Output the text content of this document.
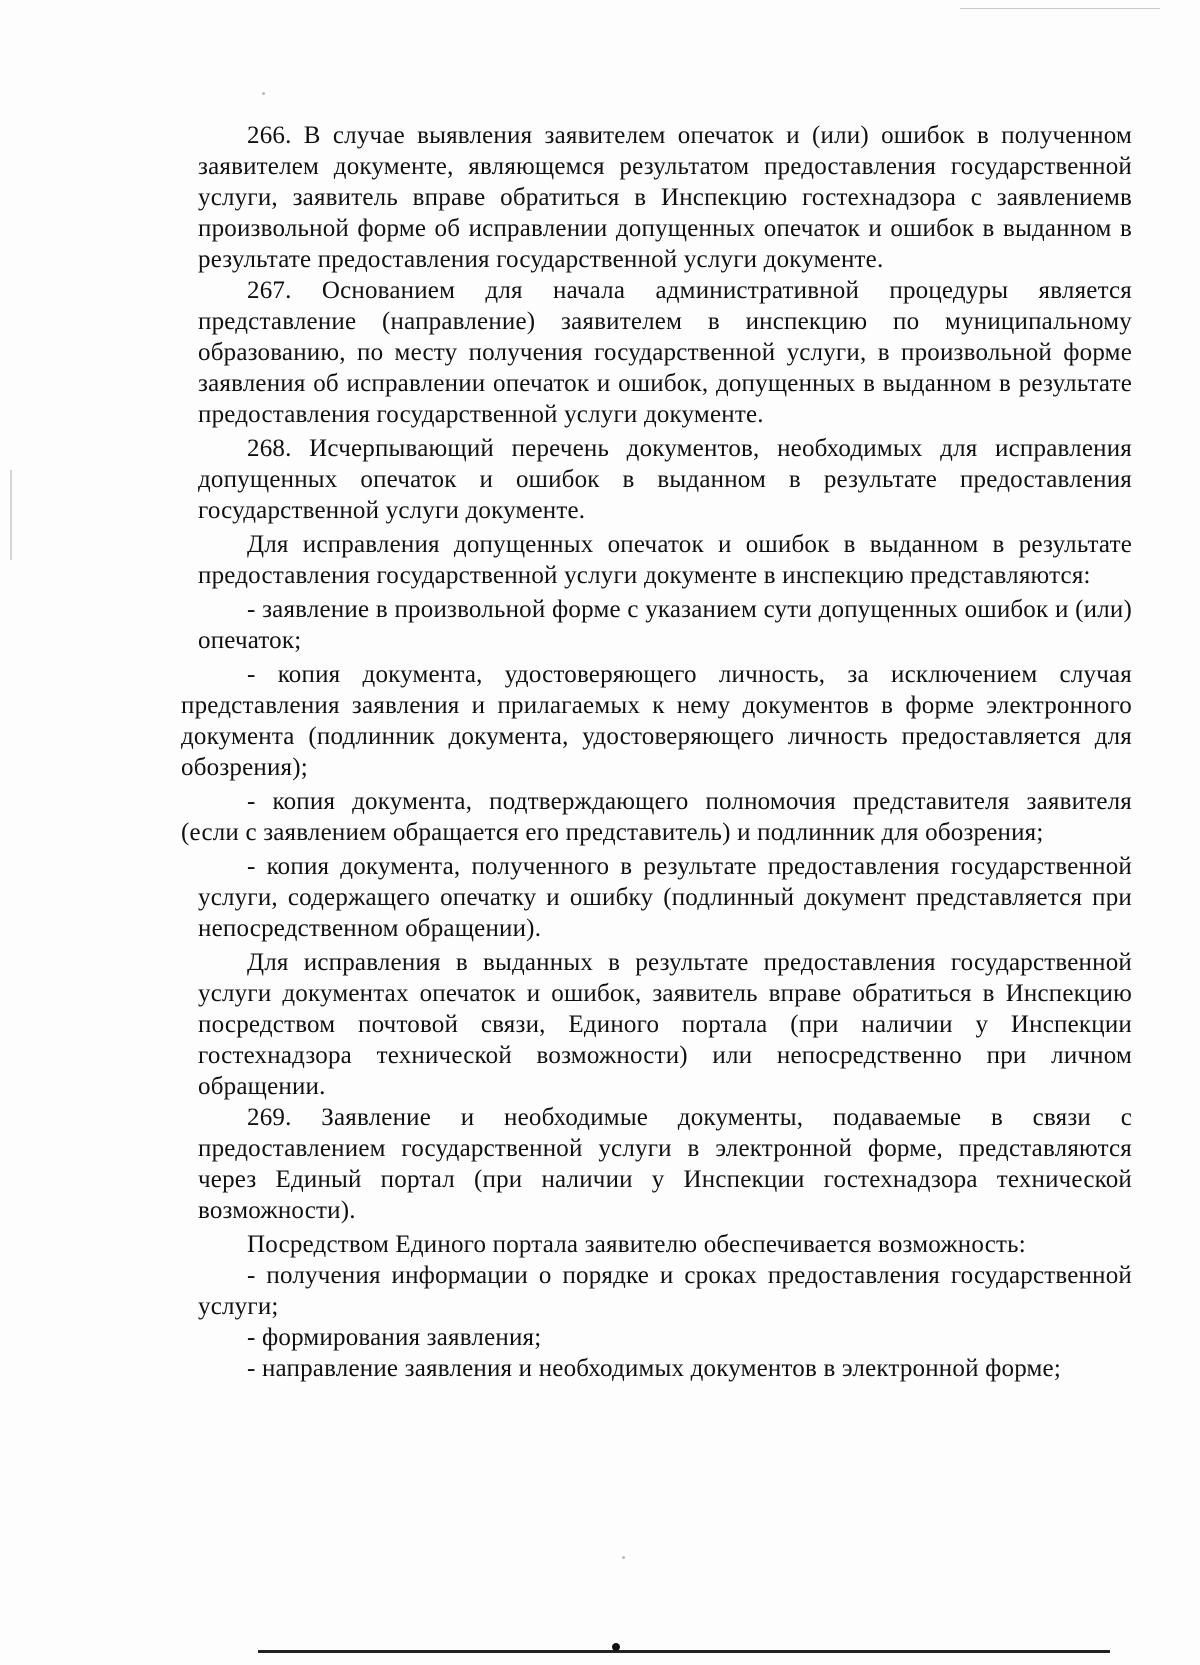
266. В случае выявления заявителем опечаток и (или) ошибок в полученном заявителем документе, являющемся результатом предоставления государственной услуги, заявитель вправе обратиться в Инспекцию гостехнадзора с заявлениемв произвольной форме об исправлении допущенных опечаток и ошибок в выданном в результате предоставления государственной услуги документе.

267. Основанием для начала административной процедуры является представление (направление) заявителем в инспекцию по муниципальному образованию, по месту получения государственной услуги, в произвольной форме заявления об исправлении опечаток и ошибок, допущенных в выданном в результате предоставления государственной услуги документе.

268. Исчерпывающий перечень документов, необходимых для исправления допущенных опечаток и ошибок в выданном в результате предоставления государственной услуги документе.

Для исправления допущенных опечаток и ошибок в выданном в результате предоставления государственной услуги документе в инспекцию представляются:

- заявление в произвольной форме с указанием сути допущенных ошибок и (или) опечаток;

- копия документа, удостоверяющего личность, за исключением случая представления заявления и прилагаемых к нему документов в форме электронного документа (подлинник документа, удостоверяющего личность предоставляется для обозрения);

- копия документа, подтверждающего полномочия представителя заявителя (если с заявлением обращается его представитель) и подлинник для обозрения;

- копия документа, полученного в результате предоставления государственной услуги, содержащего опечатку и ошибку (подлинный документ представляется при непосредственном обращении).

Для исправления в выданных в результате предоставления государственной услуги документах опечаток и ошибок, заявитель вправе обратиться в Инспекцию посредством почтовой связи, Единого портала (при наличии у Инспекции гостехнадзора технической возможности) или непосредственно при личном обращении.

269. Заявление и необходимые документы, подаваемые в связи с предоставлением государственной услуги в электронной форме, представляются через Единый портал (при наличии у Инспекции гостехнадзора технической возможности).

Посредством Единого портала заявителю обеспечивается возможность:

- получения информации о порядке и сроках предоставления государственной услуги;

- формирования заявления;

- направление заявления и необходимых документов в электронной форме;
